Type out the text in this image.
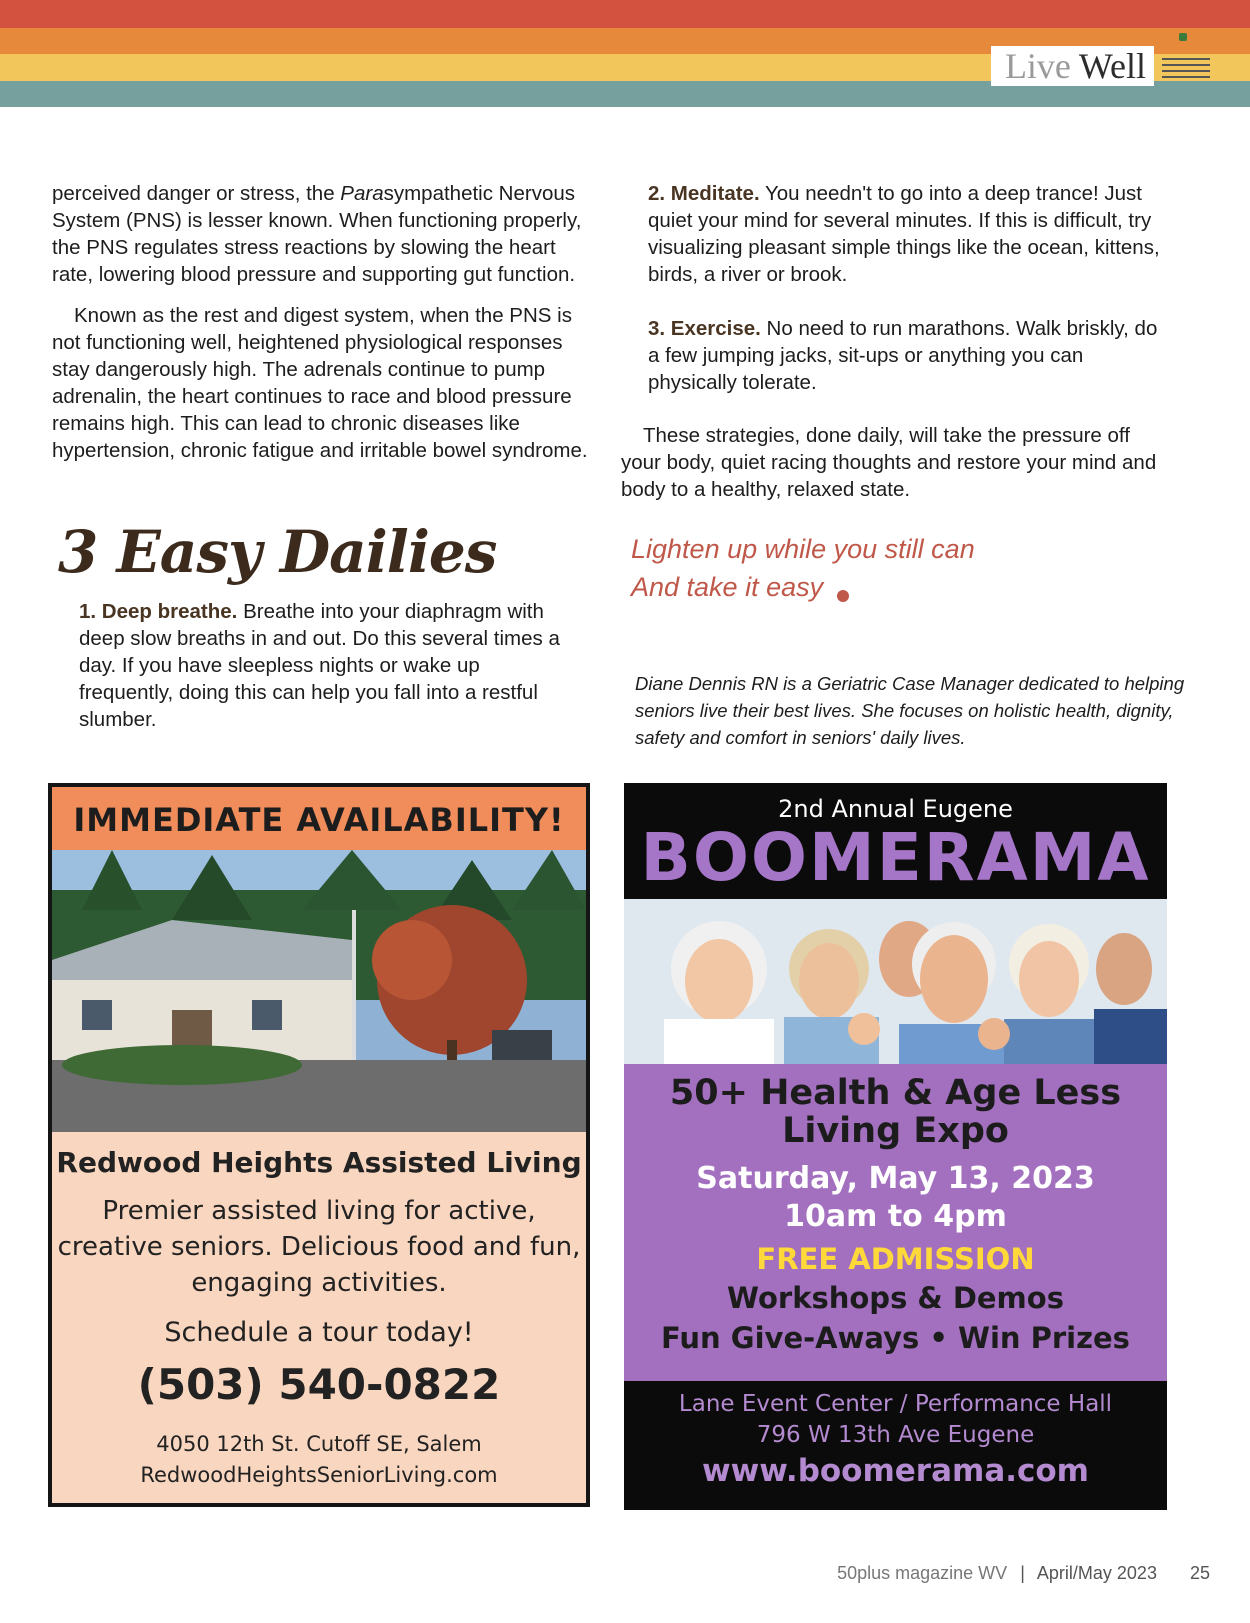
Live Well

perceived danger or stress, the Parasympathetic Nervous System (PNS) is lesser known. When functioning properly, the PNS regulates stress reactions by slowing the heart rate, lowering blood pressure and supporting gut function.

Known as the rest and digest system, when the PNS is not functioning well, heightened physiological responses stay dangerously high. The adrenals continue to pump adrenalin, the heart continues to race and blood pressure remains high. This can lead to chronic diseases like hypertension, chronic fatigue and irritable bowel syndrome.

3 Easy Dailies

1. Deep breathe. Breathe into your diaphragm with deep slow breaths in and out. Do this several times a day. If you have sleepless nights or wake up frequently, doing this can help you fall into a restful slumber.

2. Meditate. You needn't to go into a deep trance! Just quiet your mind for several minutes. If this is difficult, try visualizing pleasant simple things like the ocean, kittens, birds, a river or brook.

3. Exercise. No need to run marathons. Walk briskly, do a few jumping jacks, sit-ups or anything you can physically tolerate.

These strategies, done daily, will take the pressure off your body, quiet racing thoughts and restore your mind and body to a healthy, relaxed state.

Lighten up while you still can
And take it easy
Diane Dennis RN is a Geriatric Case Manager dedicated to helping seniors live their best lives. She focuses on holistic health, dignity, safety and comfort in seniors' daily lives.
IMMEDIATE AVAILABILITY!
Redwood Heights Assisted Living
Premier assisted living for active, creative seniors. Delicious food and fun, engaging activities.
Schedule a tour today!
(503) 540-0822
4050 12th St. Cutoff SE, Salem
RedwoodHeightsSeniorLiving.com
2nd Annual Eugene
BOOMERAMA
50+ Health & Age Less
Living Expo
Saturday, May 13, 2023
10am to 4pm
FREE ADMISSION
Workshops & Demos
Fun Give-Aways • Win Prizes
Lane Event Center / Performance Hall
796 W 13th Ave Eugene
www.boomerama.com
50plus magazine WV | April/May 2023 25
